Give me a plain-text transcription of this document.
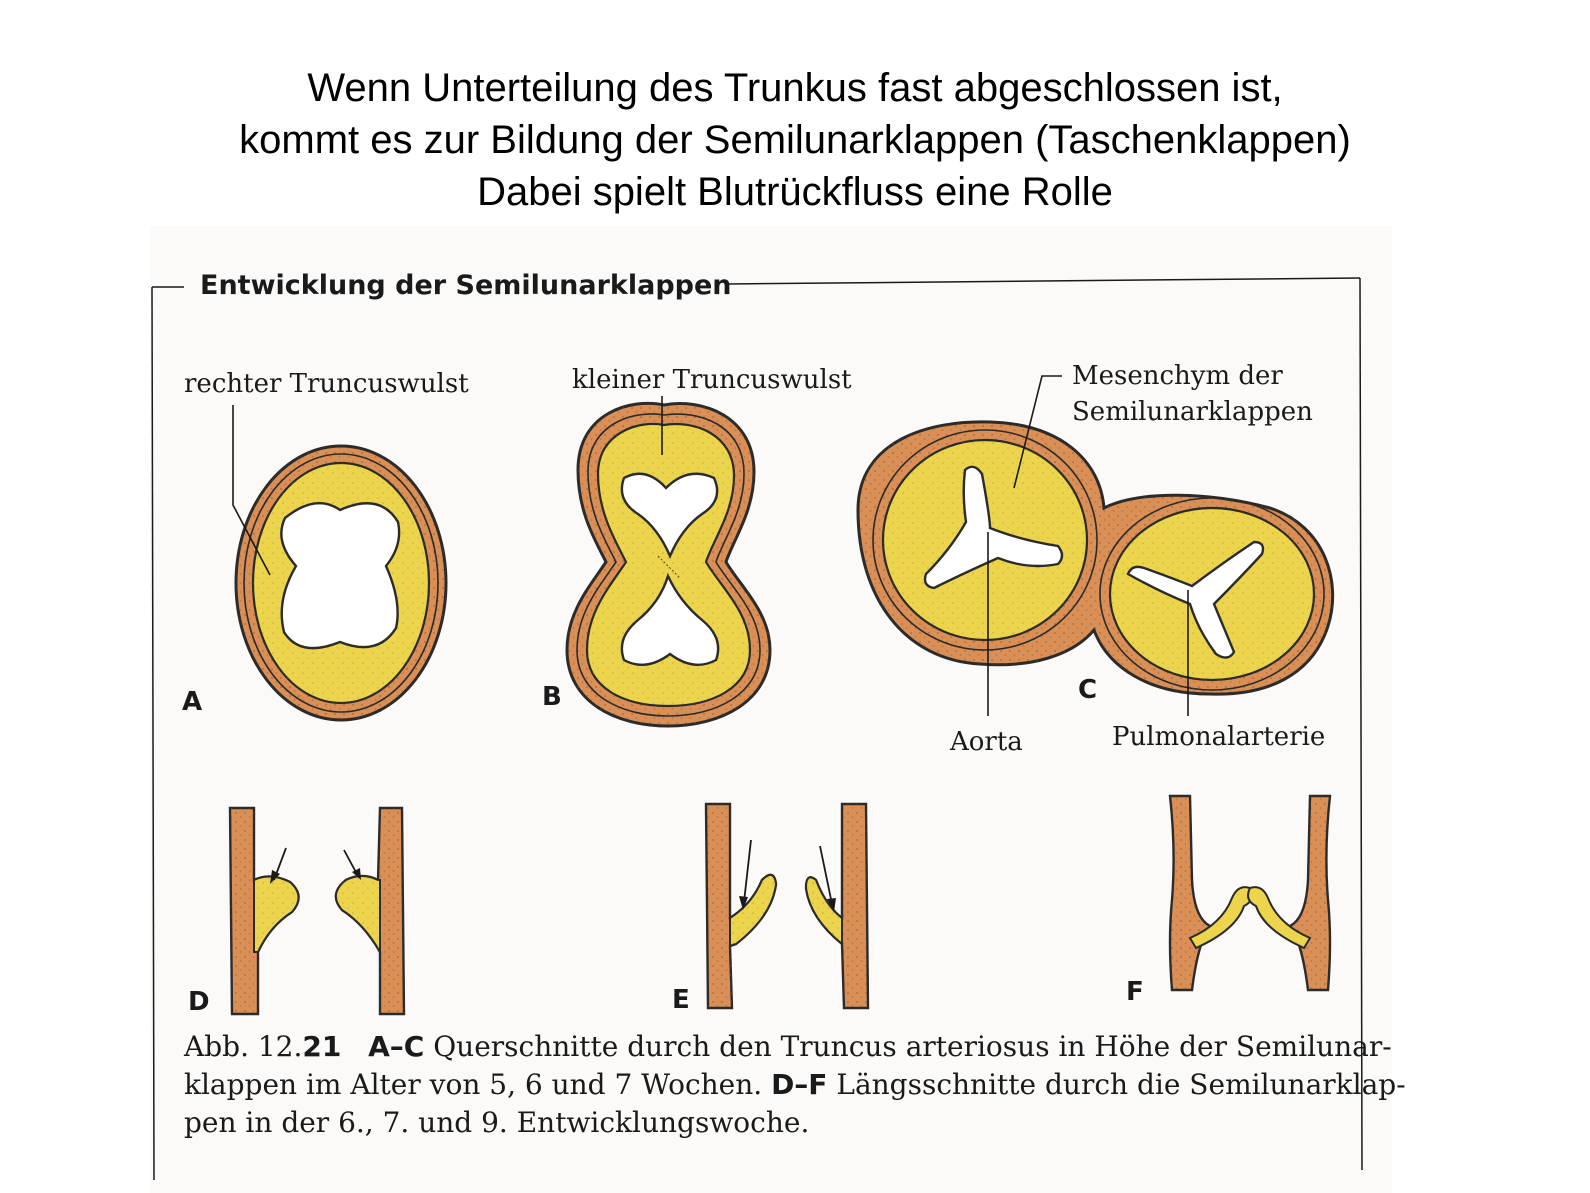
Wenn Unterteilung des Trunkus fast abgeschlossen ist,
kommt es zur Bildung der Semilunarklappen (Taschenklappen)
Dabei spielt Blutrückfluss eine Rolle
Entwicklung der Semilunarklappen
rechter Truncuswulst
A
kleiner Truncuswulst
B
Mesenchym der
Semilunarklappen
Aorta	Pulmonalarterie
C
D	E	F
Abb. 12.21 A–C Querschnitte durch den Truncus arteriosus in Höhe der Semilunar-
klappen im Alter von 5, 6 und 7 Wochen. D–F Längsschnitte durch die Semilunarklap-
pen in der 6., 7. und 9. Entwicklungswoche.
